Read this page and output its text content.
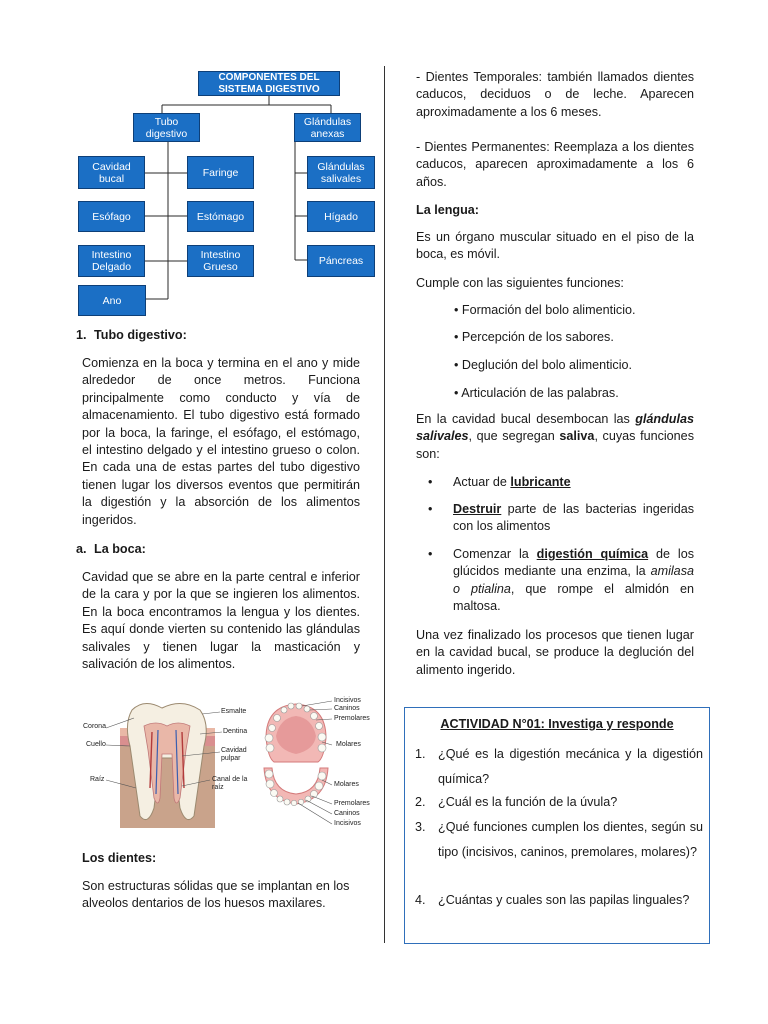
COMPONENTES DEL SISTEMA DIGESTIVO
Tubo digestivo
Glándulas anexas
Cavidad bucal
Esófago
Intestino Delgado
Ano
Faringe
Estómago
Intestino Grueso
Glándulas salivales
Hígado
Páncreas
1. Tubo digestivo:
Comienza en la boca y termina en el ano y mide alrededor de once metros. Funciona principalmente como conducto y vía de almacenamiento. El tubo digestivo está formado por la boca, la faringe, el esófago, el estómago, el intestino delgado y el intestino grueso o colon. En cada una de estas partes del tubo digestivo tienen lugar los diversos eventos que permitirán la digestión y la absorción de los alimentos ingeridos.
a. La boca:
Cavidad que se abre en la parte central e inferior de la cara y por la que se ingieren los alimentos. En la boca encontramos la lengua y los dientes. Es aquí donde vierten su contenido las glándulas salivales y tienen lugar la masticación y salivación de los alimentos.
Corona
Cuello
Raíz
Esmalte
Dentina
Cavidad pulpar
Canal de la raíz
Incisivos
Caninos
Premolares
Molares
Molares
Premolares
Caninos
Incisivos
Los dientes:
Son estructuras sólidas que se implantan en los alveolos dentarios de los huesos maxilares.
- Dientes Temporales: también llamados dientes caducos, deciduos o de leche. Aparecen aproximadamente a los 6 meses.
- Dientes Permanentes: Reemplaza a los dientes caducos, aparecen aproximadamente a los 6 años.
La lengua:
Es un órgano muscular situado en el piso de la boca, es móvil.
Cumple con las siguientes funciones:
• Formación del bolo alimenticio.
• Percepción de los sabores.
• Deglución del bolo alimenticio.
• Articulación de las palabras.
En la cavidad bucal desembocan las glándulas salivales, que segregan saliva, cuyas funciones son:
• Actuar de lubricante
• Destruir parte de las bacterias ingeridas con los alimentos
• Comenzar la digestión química de los glúcidos mediante una enzima, la amilasa o ptialina, que rompe el almidón en maltosa.
Una vez finalizado los procesos que tienen lugar en la cavidad bucal, se produce la deglución del alimento ingerido.
ACTIVIDAD N°01: Investiga y responde
1. ¿Qué es la digestión mecánica y la digestión química?
2. ¿Cuál es la función de la úvula?
3. ¿Qué funciones cumplen los dientes, según su tipo (incisivos, caninos, premolares, molares)?
4. ¿Cuántas y cuales son las papilas linguales?
